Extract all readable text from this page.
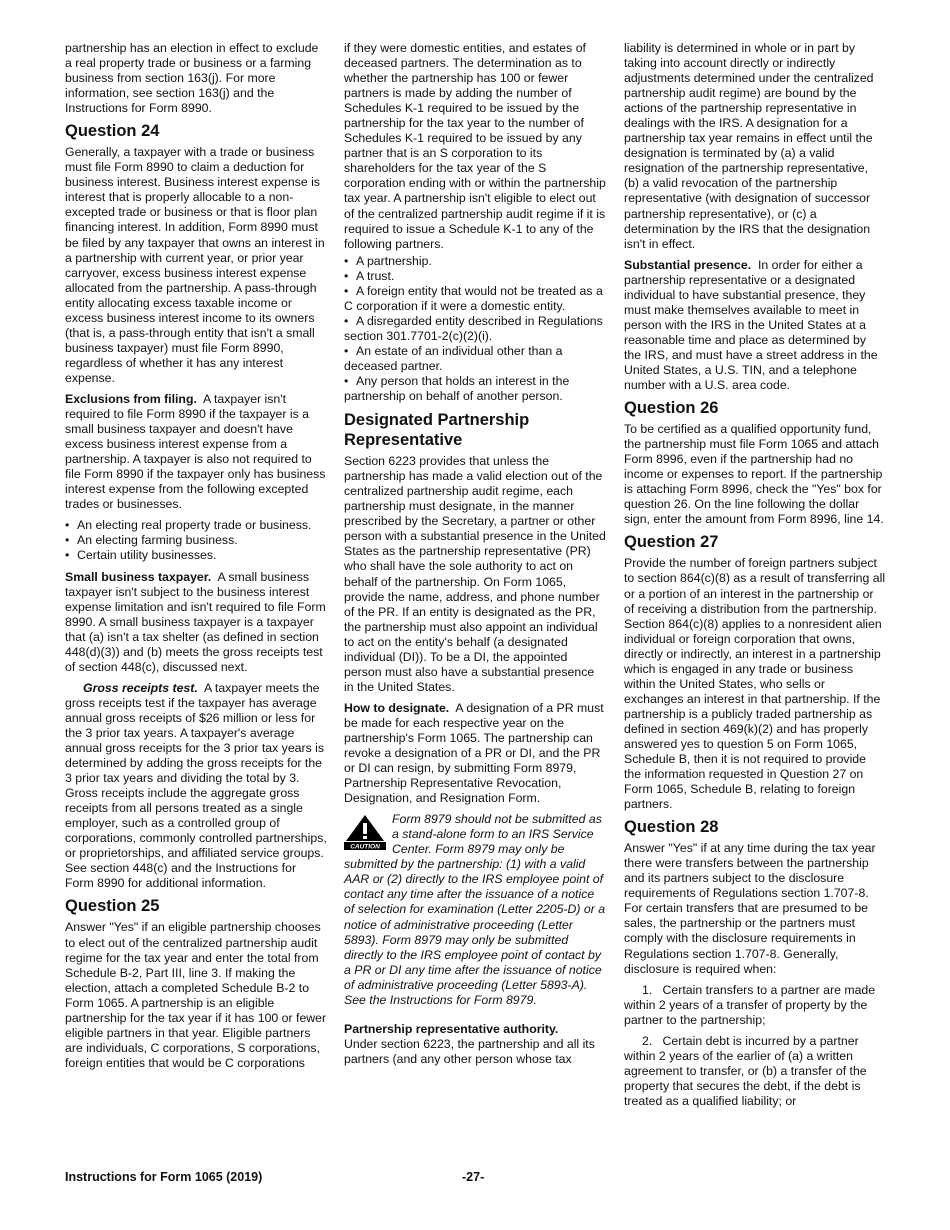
partnership has an election in effect to exclude a real property trade or business or a farming business from section 163(j). For more information, see section 163(j) and the Instructions for Form 8990.

Question 24

Generally, a taxpayer with a trade or business must file Form 8990 to claim a deduction for business interest. Business interest expense is interest that is properly allocable to a non-excepted trade or business or that is floor plan financing interest. In addition, Form 8990 must be filed by any taxpayer that owns an interest in a partnership with current year, or prior year carryover, excess business interest expense allocated from the partnership. A pass-through entity allocating excess taxable income or excess business interest income to its owners (that is, a pass-through entity that isn't a small business taxpayer) must file Form 8990, regardless of whether it has any interest expense.

Exclusions from filing. A taxpayer isn't required to file Form 8990 if the taxpayer is a small business taxpayer and doesn't have excess business interest expense from a partnership. A taxpayer is also not required to file Form 8990 if the taxpayer only has business interest expense from the following excepted trades or businesses.

• An electing real property trade or business.
• An electing farming business.
• Certain utility businesses.

Small business taxpayer. A small business taxpayer isn't subject to the business interest expense limitation and isn't required to file Form 8990. A small business taxpayer is a taxpayer that (a) isn't a tax shelter (as defined in section 448(d)(3)) and (b) meets the gross receipts test of section 448(c), discussed next.

Gross receipts test. A taxpayer meets the gross receipts test if the taxpayer has average annual gross receipts of $26 million or less for the 3 prior tax years. A taxpayer's average annual gross receipts for the 3 prior tax years is determined by adding the gross receipts for the 3 prior tax years and dividing the total by 3. Gross receipts include the aggregate gross receipts from all persons treated as a single employer, such as a controlled group of corporations, commonly controlled partnerships, or proprietorships, and affiliated service groups. See section 448(c) and the Instructions for Form 8990 for additional information.

Question 25

Answer "Yes" if an eligible partnership chooses to elect out of the centralized partnership audit regime for the tax year and enter the total from Schedule B-2, Part III, line 3. If making the election, attach a completed Schedule B-2 to Form 1065. A partnership is an eligible partnership for the tax year if it has 100 or fewer eligible partners in that year. Eligible partners are individuals, C corporations, S corporations, foreign entities that would be C corporations

if they were domestic entities, and estates of deceased partners. The determination as to whether the partnership has 100 or fewer partners is made by adding the number of Schedules K-1 required to be issued by the partnership for the tax year to the number of Schedules K-1 required to be issued by any partner that is an S corporation to its shareholders for the tax year of the S corporation ending with or within the partnership tax year. A partnership isn't eligible to elect out of the centralized partnership audit regime if it is required to issue a Schedule K-1 to any of the following partners.

• A partnership.
• A trust.
• A foreign entity that would not be treated as a C corporation if it were a domestic entity.
• A disregarded entity described in Regulations section 301.7701-2(c)(2)(i).
• An estate of an individual other than a deceased partner.
• Any person that holds an interest in the partnership on behalf of another person.
Designated Partnership Representative

Section 6223 provides that unless the partnership has made a valid election out of the centralized partnership audit regime, each partnership must designate, in the manner prescribed by the Secretary, a partner or other person with a substantial presence in the United States as the partnership representative (PR) who shall have the sole authority to act on behalf of the partnership. On Form 1065, provide the name, address, and phone number of the PR. If an entity is designated as the PR, the partnership must also appoint an individual to act on the entity's behalf (a designated individual (DI)). To be a DI, the appointed person must also have a substantial presence in the United States.

How to designate. A designation of a PR must be made for each respective year on the partnership's Form 1065. The partnership can revoke a designation of a PR or DI, and the PR or DI can resign, by submitting Form 8979, Partnership Representative Revocation, Designation, and Resignation Form.

CAUTION
Form 8979 should not be submitted as a stand-alone form to an IRS Service Center. Form 8979 may only be submitted by the partnership: (1) with a valid AAR or (2) directly to the IRS employee point of contact any time after the issuance of a notice of selection for examination (Letter 2205-D) or a notice of administrative proceeding (Letter 5893). Form 8979 may only be submitted directly to the IRS employee point of contact by a PR or DI any time after the issuance of notice of administrative proceeding (Letter 5893-A). See the Instructions for Form 8979.

Partnership representative authority.
Under section 6223, the partnership and all its partners (and any other person whose tax

liability is determined in whole or in part by taking into account directly or indirectly adjustments determined under the centralized partnership audit regime) are bound by the actions of the partnership representative in dealings with the IRS. A designation for a partnership tax year remains in effect until the designation is terminated by (a) a valid resignation of the partnership representative, (b) a valid revocation of the partnership representative (with designation of successor partnership representative), or (c) a determination by the IRS that the designation isn't in effect.

Substantial presence. In order for either a partnership representative or a designated individual to have substantial presence, they must make themselves available to meet in person with the IRS in the United States at a reasonable time and place as determined by the IRS, and must have a street address in the United States, a U.S. TIN, and a telephone number with a U.S. area code.

Question 26

To be certified as a qualified opportunity fund, the partnership must file Form 1065 and attach Form 8996, even if the partnership had no income or expenses to report. If the partnership is attaching Form 8996, check the "Yes" box for question 26. On the line following the dollar sign, enter the amount from Form 8996, line 14.

Question 27

Provide the number of foreign partners subject to section 864(c)(8) as a result of transferring all or a portion of an interest in the partnership or of receiving a distribution from the partnership. Section 864(c)(8) applies to a nonresident alien individual or foreign corporation that owns, directly or indirectly, an interest in a partnership which is engaged in any trade or business within the United States, who sells or exchanges an interest in that partnership. If the partnership is a publicly traded partnership as defined in section 469(k)(2) and has properly answered yes to question 5 on Form 1065, Schedule B, then it is not required to provide the information requested in Question 27 on Form 1065, Schedule B, relating to foreign partners.

Question 28

Answer "Yes" if at any time during the tax year there were transfers between the partnership and its partners subject to the disclosure requirements of Regulations section 1.707-8. For certain transfers that are presumed to be sales, the partnership or the partners must comply with the disclosure requirements in Regulations section 1.707-8. Generally, disclosure is required when:

1. Certain transfers to a partner are made within 2 years of a transfer of property by the partner to the partnership;

2. Certain debt is incurred by a partner within 2 years of the earlier of (a) a written agreement to transfer, or (b) a transfer of the property that secures the debt, if the debt is treated as a qualified liability; or

Instructions for Form 1065 (2019)	-27-
